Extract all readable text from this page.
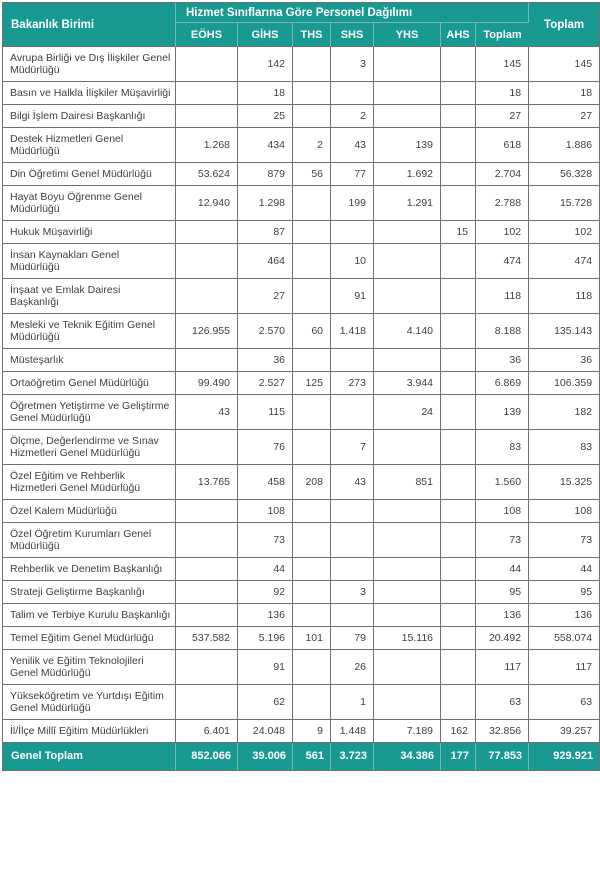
Bakanlık Birimi	Hizmet Sınıflarına Göre Personel Dağılımı							Toplam
	EÖHS	GİHS	THS	SHS	YHS	AHS	Toplam	
Avrupa Birliği ve Dış İlişkiler Genel Müdürlüğü		142		3			145	145
Basın ve Halkla İlişkiler Müşavirliği		18					18	18
Bilgi İşlem Dairesi Başkanlığı		25		2			27	27
Destek Hizmetleri Genel Müdürlüğü	1.268	434	2	43	139		618	1.886
Din Öğretimi Genel Müdürlüğü	53.624	879	56	77	1.692		2.704	56.328
Hayat Boyu Öğrenme Genel Müdürlüğü	12.940	1.298		199	1.291		2.788	15.728
Hukuk Müşavirliği		87				15	102	102
İnsan Kaynakları Genel Müdürlüğü		464		10			474	474
İnşaat ve Emlak Dairesi Başkanlığı		27		91			118	118
Mesleki ve Teknik Eğitim Genel Müdürlüğü	126.955	2.570	60	1.418	4.140		8.188	135.143
Müsteşarlık		36					36	36
Ortaöğretim Genel Müdürlüğü	99.490	2.527	125	273	3.944		6.869	106.359
Öğretmen Yetiştirme ve Geliştirme Genel Müdürlüğü	43	115			24		139	182
Ölçme, Değerlendirme ve Sınav Hizmetleri Genel Müdürlüğü		76		7			83	83
Özel Eğitim ve Rehberlik Hizmetleri Genel Müdürlüğü	13.765	458	208	43	851		1.560	15.325
Özel Kalem Müdürlüğü		108					108	108
Özel Öğretim Kurumları Genel Müdürlüğü		73					73	73
Rehberlik ve Denetim Başkanlığı		44					44	44
Strateji Geliştirme Başkanlığı		92		3			95	95
Talim ve Terbiye Kurulu Başkanlığı		136					136	136
Temel Eğitim Genel Müdürlüğü	537.582	5.196	101	79	15.116		20.492	558.074
Yenilik ve Eğitim Teknolojileri Genel Müdürlüğü		91		26			117	117
Yükseköğretim ve Yurtdışı Eğitim Genel Müdürlüğü		62		1			63	63
İl/İlçe Millî Eğitim Müdürlükleri	6.401	24.048	9	1.448	7.189	162	32.856	39.257
Genel Toplam	852.066	39.006	561	3.723	34.386	177	77.853	929.921
